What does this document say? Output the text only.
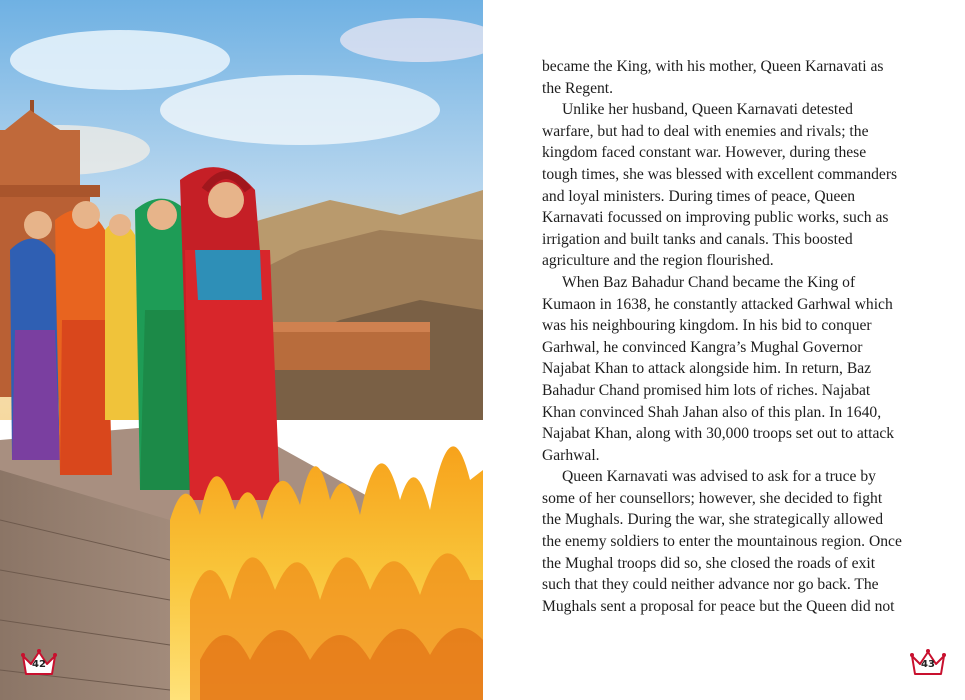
42

became the King, with his mother, Queen Karnavati as the Regent.

Unlike her husband, Queen Karnavati detested warfare, but had to deal with enemies and rivals; the kingdom faced constant war. However, during these tough times, she was blessed with excellent commanders and loyal ministers. During times of peace, Queen Karnavati focussed on improving public works, such as irrigation and built tanks and canals. This boosted agriculture and the region flourished.

When Baz Bahadur Chand became the King of Kumaon in 1638, he constantly attacked Garhwal which was his neighbouring kingdom. In his bid to conquer Garhwal, he convinced Kangra’s Mughal Governor Najabat Khan to attack alongside him. In return, Baz Bahadur Chand promised him lots of riches. Najabat Khan convinced Shah Jahan also of this plan. In 1640, Najabat Khan, along with 30,000 troops set out to attack Garhwal.

Queen Karnavati was advised to ask for a truce by some of her counsellors; however, she decided to fight the Mughals. During the war, she strategically allowed the enemy soldiers to enter the mountainous region. Once the Mughal troops did so, she closed the roads of exit such that they could neither advance nor go back. The Mughals sent a proposal for peace but the Queen did not

43
